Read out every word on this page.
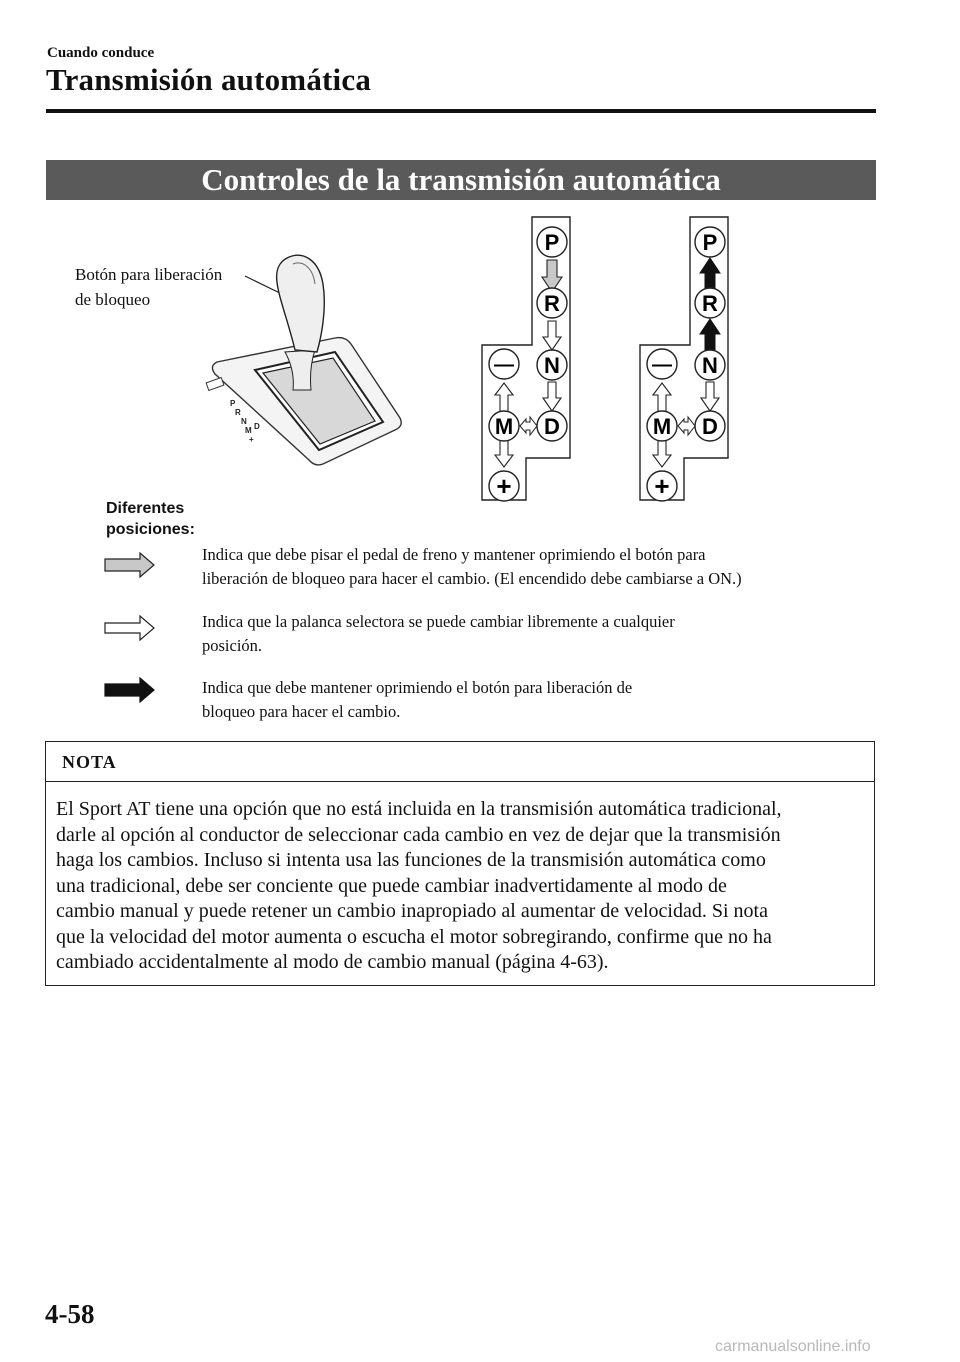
Cuando conduce
Transmisión automática
Controles de la transmisión automática
Botón para liberación
de bloqueo
P
R
N
M D
+
P
R
N
D
—
M
+
P
R
N
D
—
M
+
Diferentes
posiciones:
Indica que debe pisar el pedal de freno y mantener oprimiendo el botón para
liberación de bloqueo para hacer el cambio. (El encendido debe cambiarse a ON.)
Indica que la palanca selectora se puede cambiar libremente a cualquier
posición.
Indica que debe mantener oprimiendo el botón para liberación de
bloqueo para hacer el cambio.
NOTA
El Sport AT tiene una opción que no está incluida en la transmisión automática tradicional,
darle al opción al conductor de seleccionar cada cambio en vez de dejar que la transmisión
haga los cambios. Incluso si intenta usa las funciones de la transmisión automática como
una tradicional, debe ser conciente que puede cambiar inadvertidamente al modo de
cambio manual y puede retener un cambio inapropiado al aumentar de velocidad. Si nota
que la velocidad del motor aumenta o escucha el motor sobregirando, confirme que no ha
cambiado accidentalmente al modo de cambio manual (página 4-63).
4-58
carmanualsonline.info
